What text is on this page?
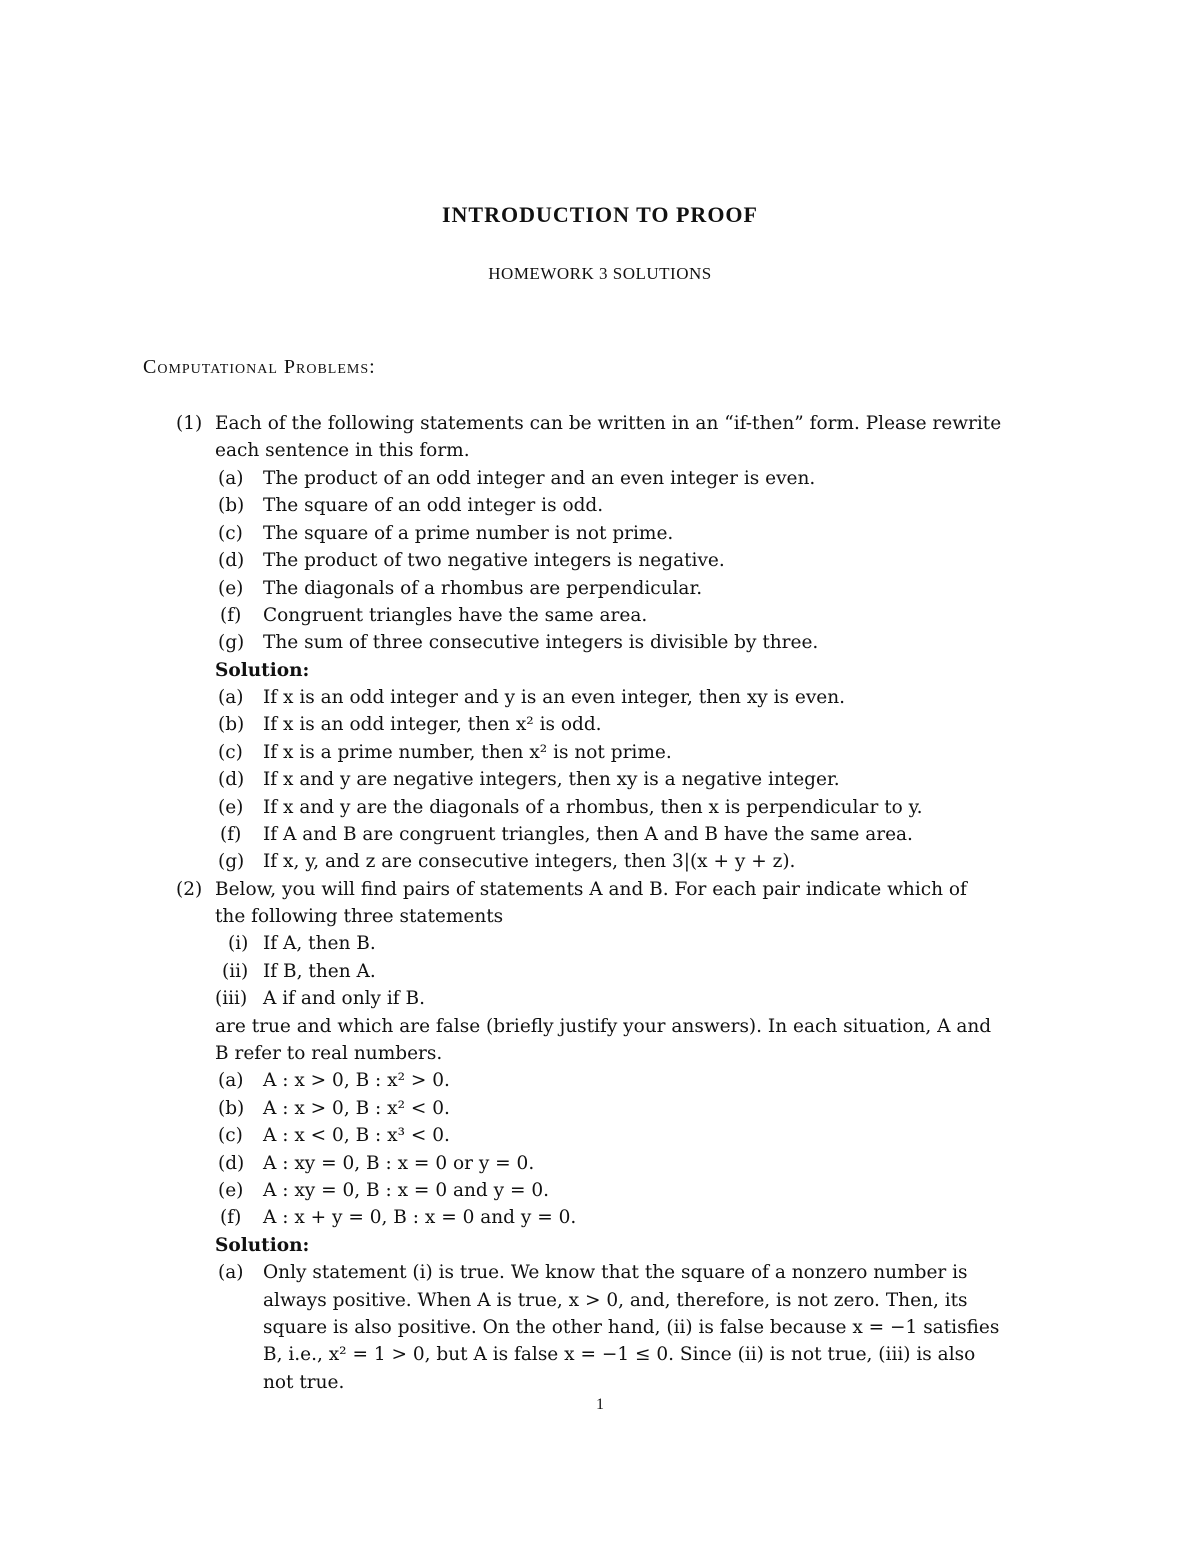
INTRODUCTION TO PROOF
HOMEWORK 3 SOLUTIONS
Computational Problems:
(1) Each of the following statements can be written in an “if-then” form. Please rewrite
each sentence in this form.
(a) The product of an odd integer and an even integer is even.
(b) The square of an odd integer is odd.
(c) The square of a prime number is not prime.
(d) The product of two negative integers is negative.
(e) The diagonals of a rhombus are perpendicular.
(f) Congruent triangles have the same area.
(g) The sum of three consecutive integers is divisible by three.
Solution:
(a) If x is an odd integer and y is an even integer, then xy is even.
(b) If x is an odd integer, then x² is odd.
(c) If x is a prime number, then x² is not prime.
(d) If x and y are negative integers, then xy is a negative integer.
(e) If x and y are the diagonals of a rhombus, then x is perpendicular to y.
(f) If A and B are congruent triangles, then A and B have the same area.
(g) If x, y, and z are consecutive integers, then 3|(x + y + z).
(2) Below, you will find pairs of statements A and B. For each pair indicate which of
the following three statements
(i) If A, then B.
(ii) If B, then A.
(iii) A if and only if B.
are true and which are false (briefly justify your answers). In each situation, A and
B refer to real numbers.
(a) A : x > 0, B : x² > 0.
(b) A : x > 0, B : x² < 0.
(c) A : x < 0, B : x³ < 0.
(d) A : xy = 0, B : x = 0 or y = 0.
(e) A : xy = 0, B : x = 0 and y = 0.
(f) A : x + y = 0, B : x = 0 and y = 0.
Solution:
(a) Only statement (i) is true. We know that the square of a nonzero number is
always positive. When A is true, x > 0, and, therefore, is not zero. Then, its
square is also positive. On the other hand, (ii) is false because x = −1 satisfies
B, i.e., x² = 1 > 0, but A is false x = −1 ≤ 0. Since (ii) is not true, (iii) is also
not true.
1
